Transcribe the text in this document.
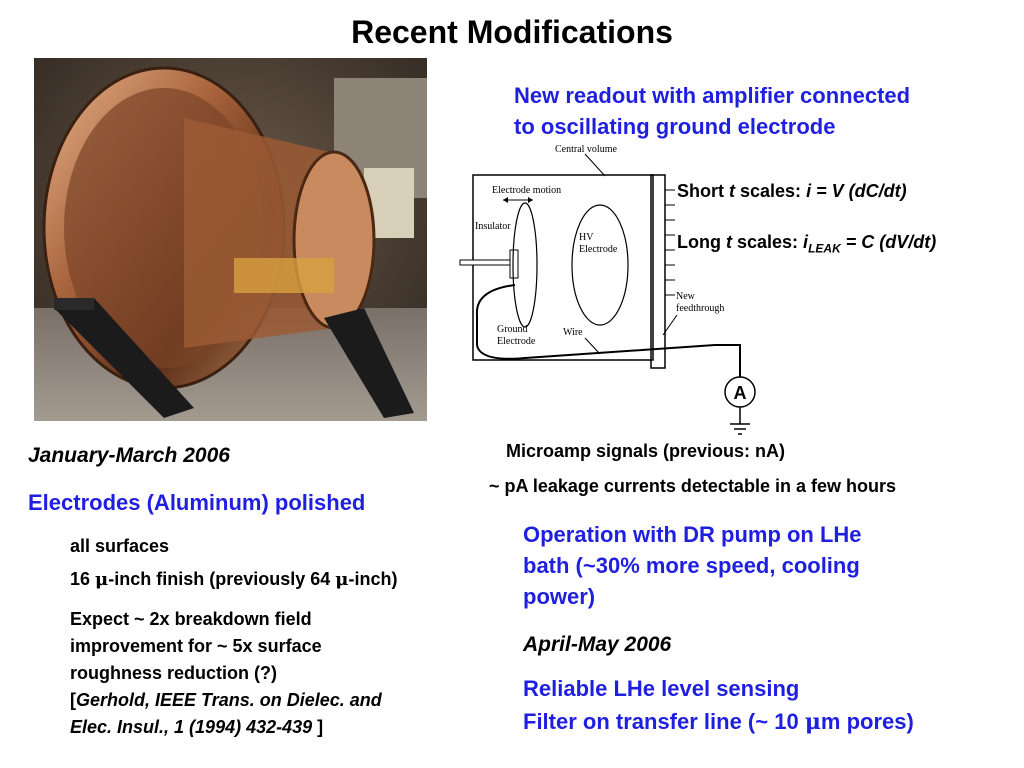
Recent Modifications
New readout with amplifier connected
to oscillating ground electrode
Central volume
Electrode motion
Insulator
Ground
Electrode
HV
Electrode
Wire
New
feedthrough
A
Short t scales: i = V (dC/dt)
Long t scales: $i_{LEAK} = C$ (dV/dt)
Microamp signals (previous: nA)
~ pA leakage currents detectable in a few hours
January-March 2006
Electrodes (Aluminum) polished
all surfaces
16 μ-inch finish (previously 64 μ-inch)
Expect ~ 2x breakdown field
improvement for ~ 5x surface
roughness reduction (?)
[Gerhold, IEEE Trans. on Dielec. and
Elec. Insul., 1 (1994) 432-439 ]
Operation with DR pump on LHe
bath (~30% more speed, cooling
power)
April-May 2006
Reliable LHe level sensing
Filter on transfer line (~ 10 μm pores)
